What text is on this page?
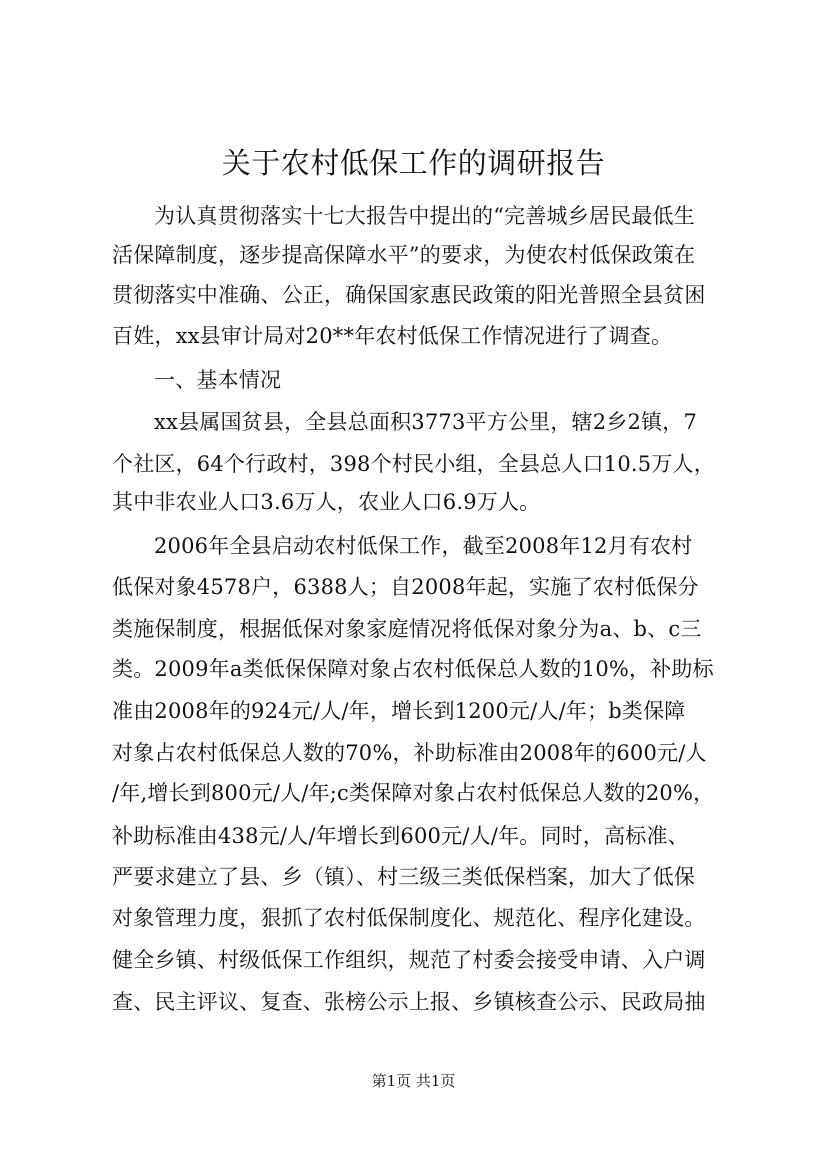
关于农村低保工作的调研报告
为认真贯彻落实十七大报告中提出的“完善城乡居民最低生
活保障制度，逐步提高保障水平”的要求，为使农村低保政策在
贯彻落实中准确、公正，确保国家惠民政策的阳光普照全县贫困
百姓，xx县审计局对20**年农村低保工作情况进行了调查。
一、基本情况
xx县属国贫县，全县总面积3773平方公里，辖2乡2镇，7
个社区，64个行政村，398个村民小组，全县总人口10.5万人，
其中非农业人口3.6万人，农业人口6.9万人。
2006年全县启动农村低保工作，截至2008年12月有农村
低保对象4578户，6388人；自2008年起，实施了农村低保分
类施保制度，根据低保对象家庭情况将低保对象分为a、b、c三
类。2009年a类低保保障对象占农村低保总人数的10%，补助标
准由2008年的924元/人/年，增长到1200元/人/年；b类保障
对象占农村低保总人数的70%，补助标准由2008年的600元/人
/年,增长到800元/人/年;c类保障对象占农村低保总人数的20%，
补助标准由438元/人/年增长到600元/人/年。同时，高标准、
严要求建立了县、乡（镇）、村三级三类低保档案，加大了低保
对象管理力度，狠抓了农村低保制度化、规范化、程序化建设。
健全乡镇、村级低保工作组织，规范了村委会接受申请、入户调
查、民主评议、复查、张榜公示上报、乡镇核查公示、民政局抽
第1页 共1页
